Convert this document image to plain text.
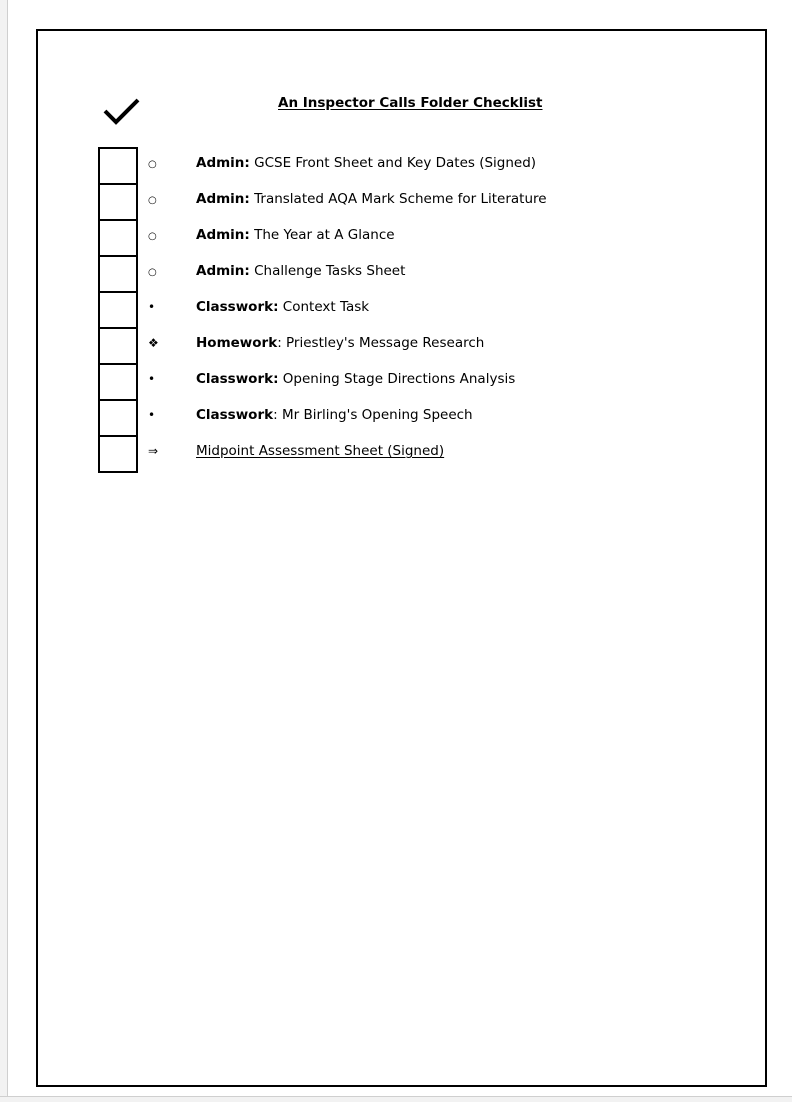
An Inspector Calls Folder Checklist
○	Admin: GCSE Front Sheet and Key Dates (Signed)
○	Admin: Translated AQA Mark Scheme for Literature
○	Admin: The Year at A Glance
○	Admin: Challenge Tasks Sheet
•	Classwork: Context Task
❖	Homework: Priestley's Message Research
•	Classwork: Opening Stage Directions Analysis
•	Classwork: Mr Birling's Opening Speech
⇒	Midpoint Assessment Sheet (Signed)
